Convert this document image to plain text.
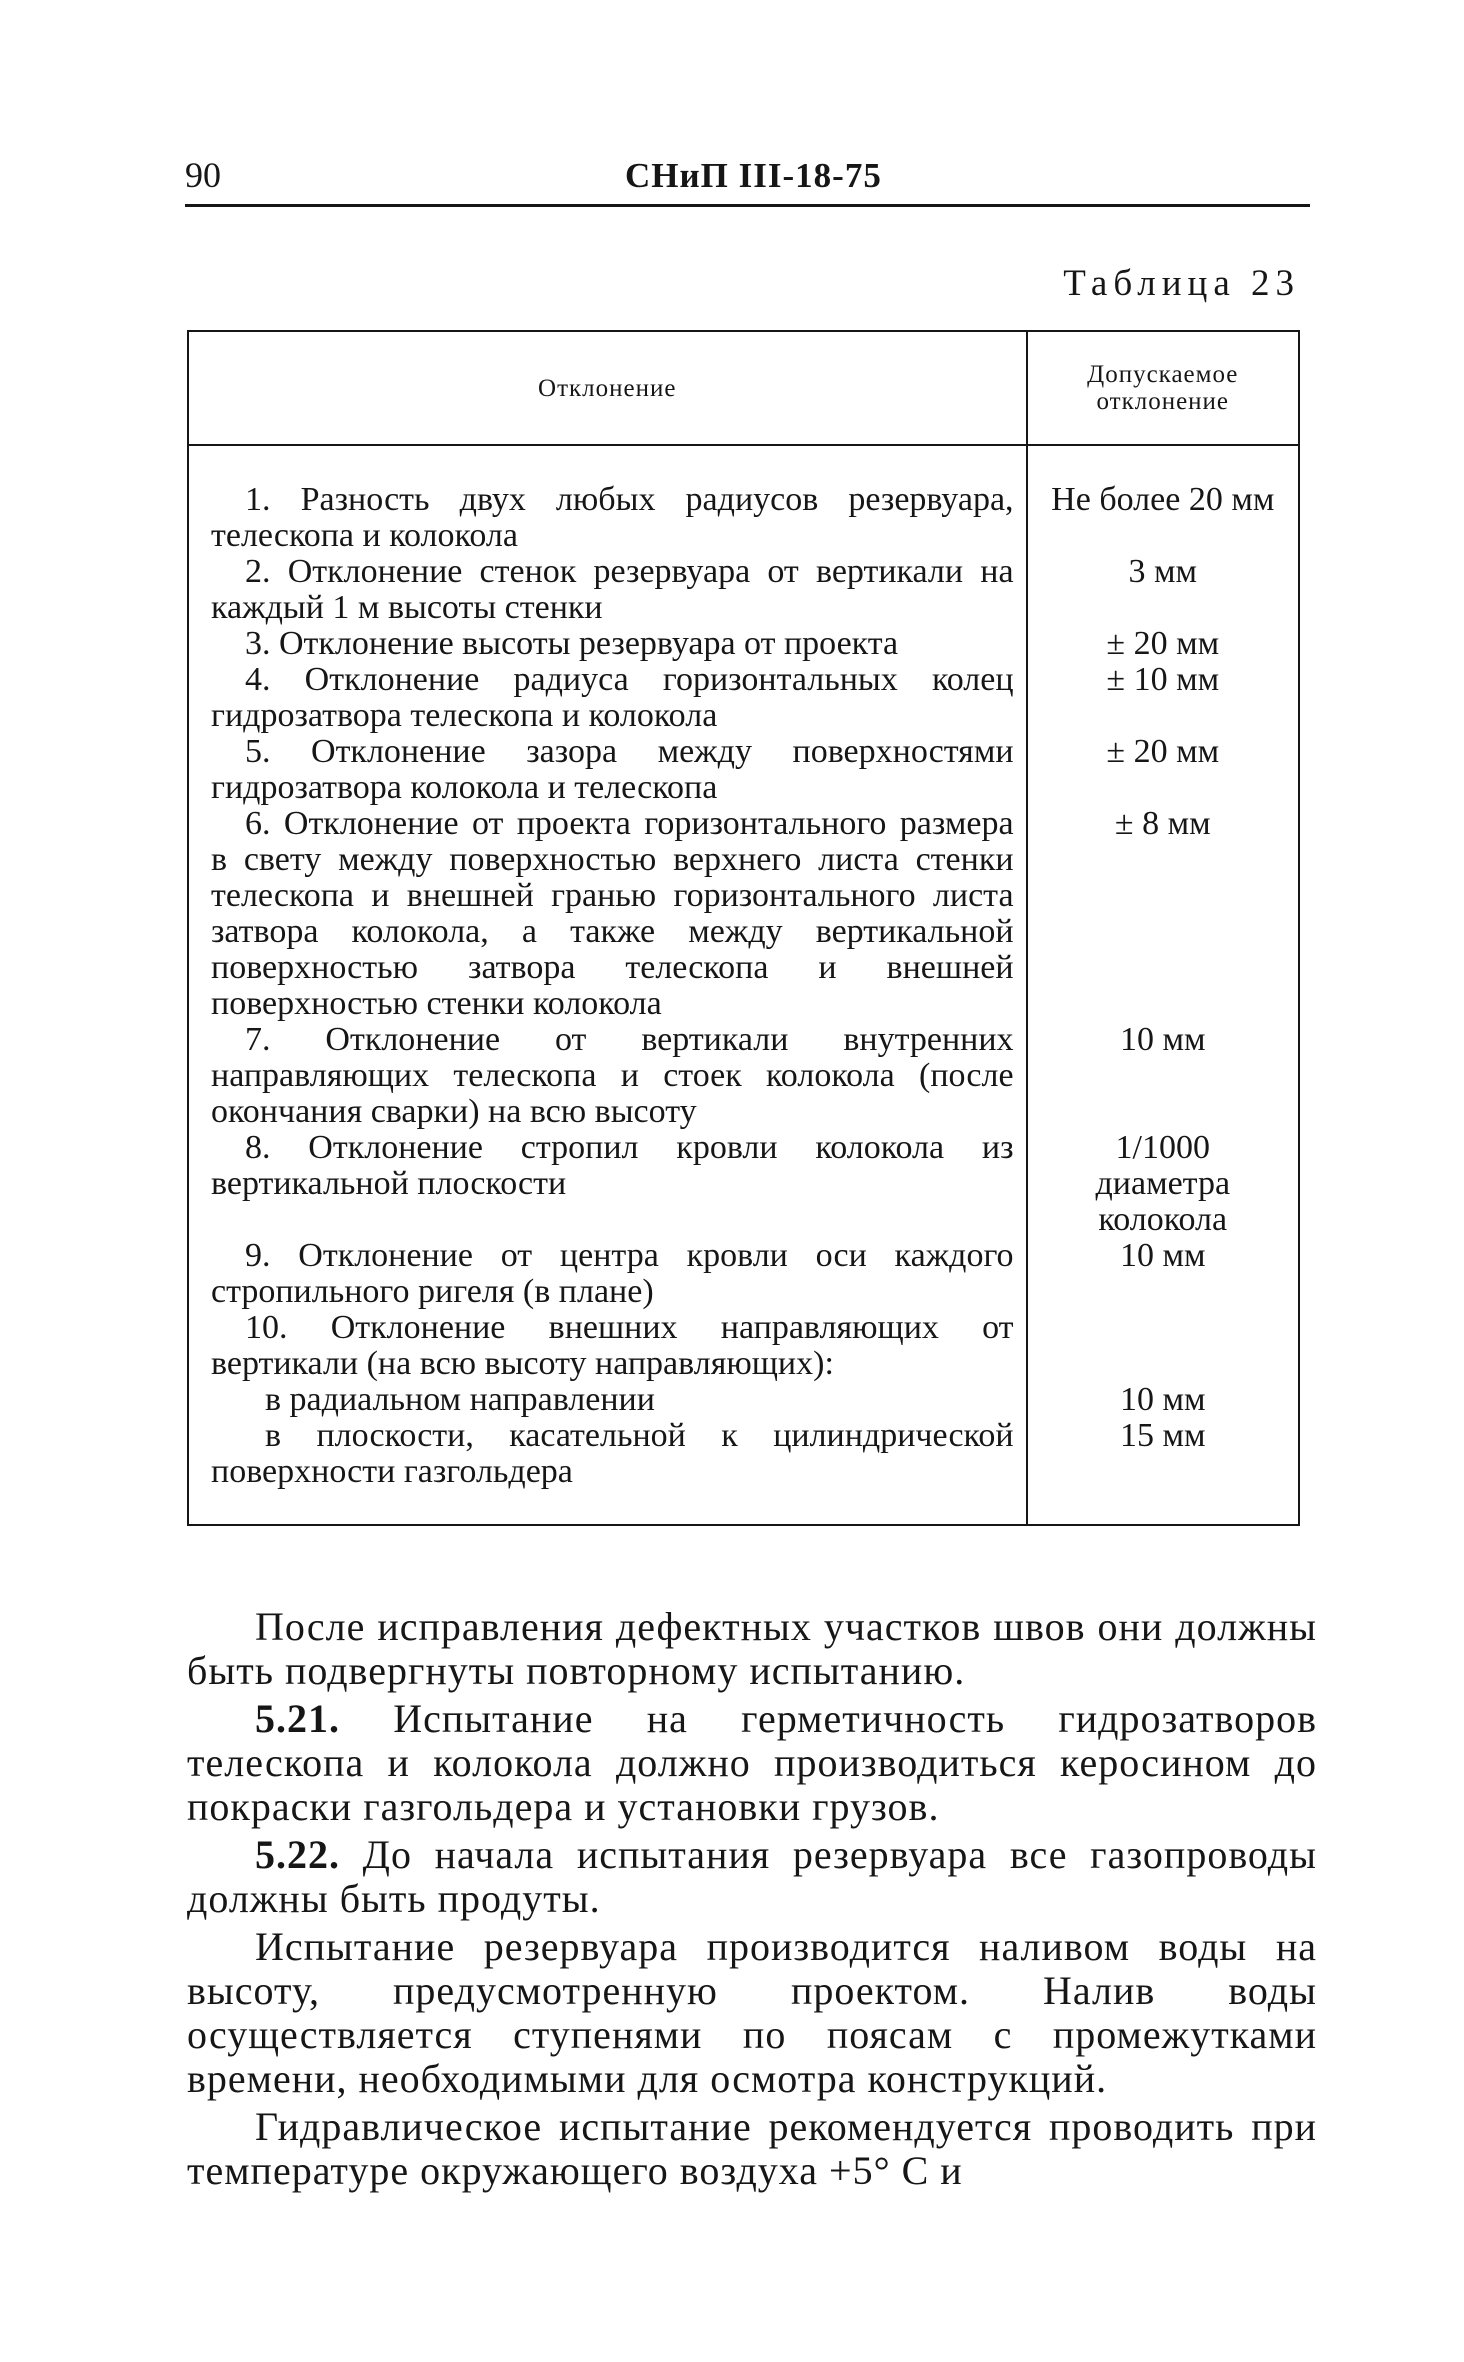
90	СНиП III-18-75
Таблица 23
Отклонение	Допускаемое отклонение

1. Разность двух любых радиусов резервуара, телескопа и колокола	Не более 20 мм

2. Отклонение стенок резервуара от вертикали на каждый 1 м высоты стенки	3 мм

3. Отклонение высоты резервуара от проекта	± 20 мм

4. Отклонение радиуса горизонтальных колец гидрозатвора телескопа и колокола	± 10 мм

5. Отклонение зазора между поверхностями гидрозатвора колокола и телескопа	± 20 мм

6. Отклонение от проекта горизонтального размера в свету между поверхностью верхнего листа стенки телескопа и внешней гранью горизонтального листа затвора колокола, а также между вертикальной поверхностью затвора телескопа и внешней поверхностью стенки колокола	± 8 мм

7. Отклонение от вертикали внутренних направляющих телескопа и стоек колокола (после окончания сварки) на всю высоту	10 мм

8. Отклонение стропил кровли колокола из вертикальной плоскости	1/1000 диаметра колокола

9. Отклонение от центра кровли оси каждого стропильного ригеля (в плане)	10 мм

10. Отклонение внешних направляющих от вертикали (на всю высоту направляющих):	

в радиальном направлении	10 мм

в плоскости, касательной к цилиндрической поверхности газгольдера	15 мм

После исправления дефектных участков швов они должны быть подвергнуты повторному испытанию.

5.21. Испытание на герметичность гидрозатворов телескопа и колокола должно производиться керосином до покраски газгольдера и установки грузов.

5.22. До начала испытания резервуара все газопроводы должны быть продуты.

Испытание резервуара производится наливом воды на высоту, предусмотренную проектом. Налив воды осуществляется ступенями по поясам с промежутками времени, необходимыми для осмотра конструкций.

Гидравлическое испытание рекомендуется проводить при температуре окружающего воздуха +5° С и
